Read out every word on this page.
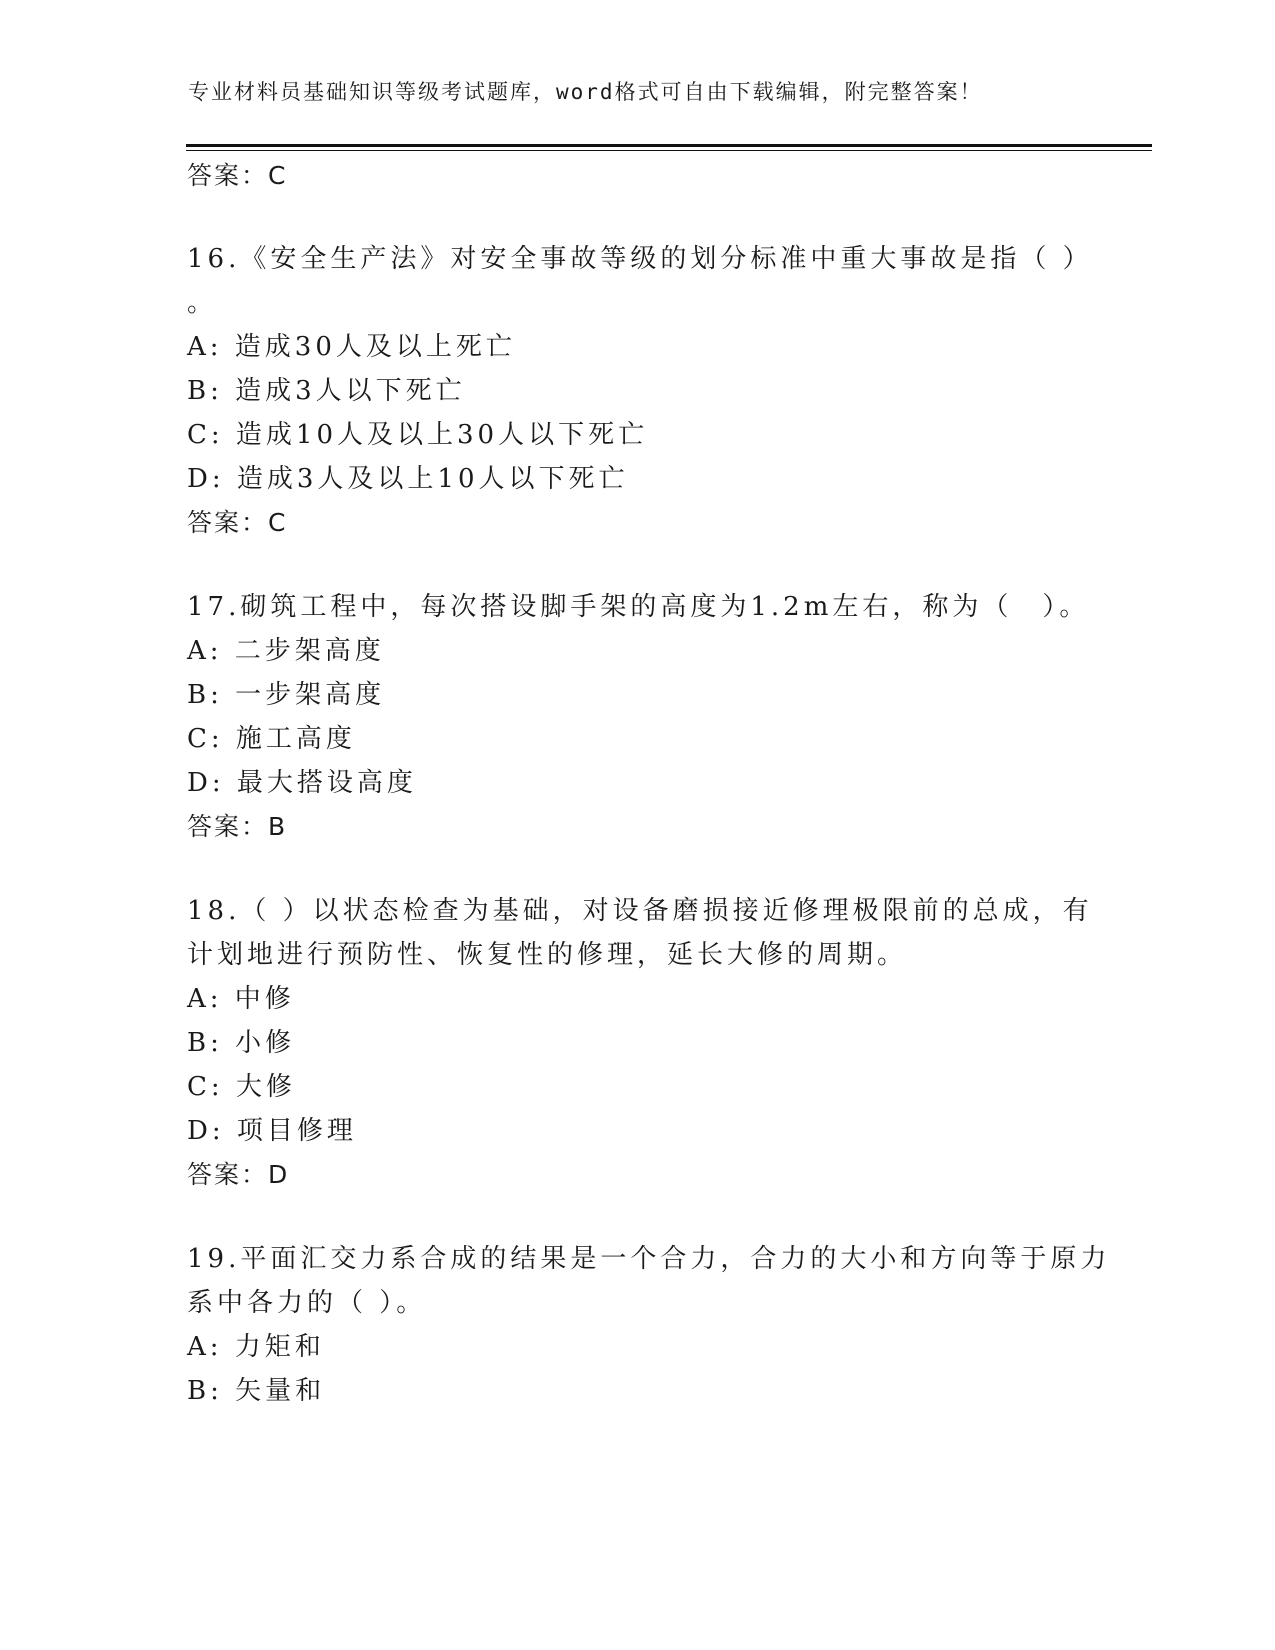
专业材料员基础知识等级考试题库，word格式可自由下载编辑，附完整答案！
答案：C
16.《安全生产法》对安全事故等级的划分标准中重大事故是指（ ）
。
A: 造成30人及以上死亡
B: 造成3人以下死亡
C: 造成10人及以上30人以下死亡
D: 造成3人及以上10人以下死亡
答案：C
17.砌筑工程中，每次搭设脚手架的高度为1.2m左右，称为（　）。
A: 二步架高度
B: 一步架高度
C: 施工高度
D: 最大搭设高度
答案：B
18.（ ）以状态检查为基础，对设备磨损接近修理极限前的总成，有
计划地进行预防性、恢复性的修理，延长大修的周期。
A: 中修
B: 小修
C: 大修
D: 项目修理
答案：D
19.平面汇交力系合成的结果是一个合力，合力的大小和方向等于原力
系中各力的（ ）。
A: 力矩和
B: 矢量和
